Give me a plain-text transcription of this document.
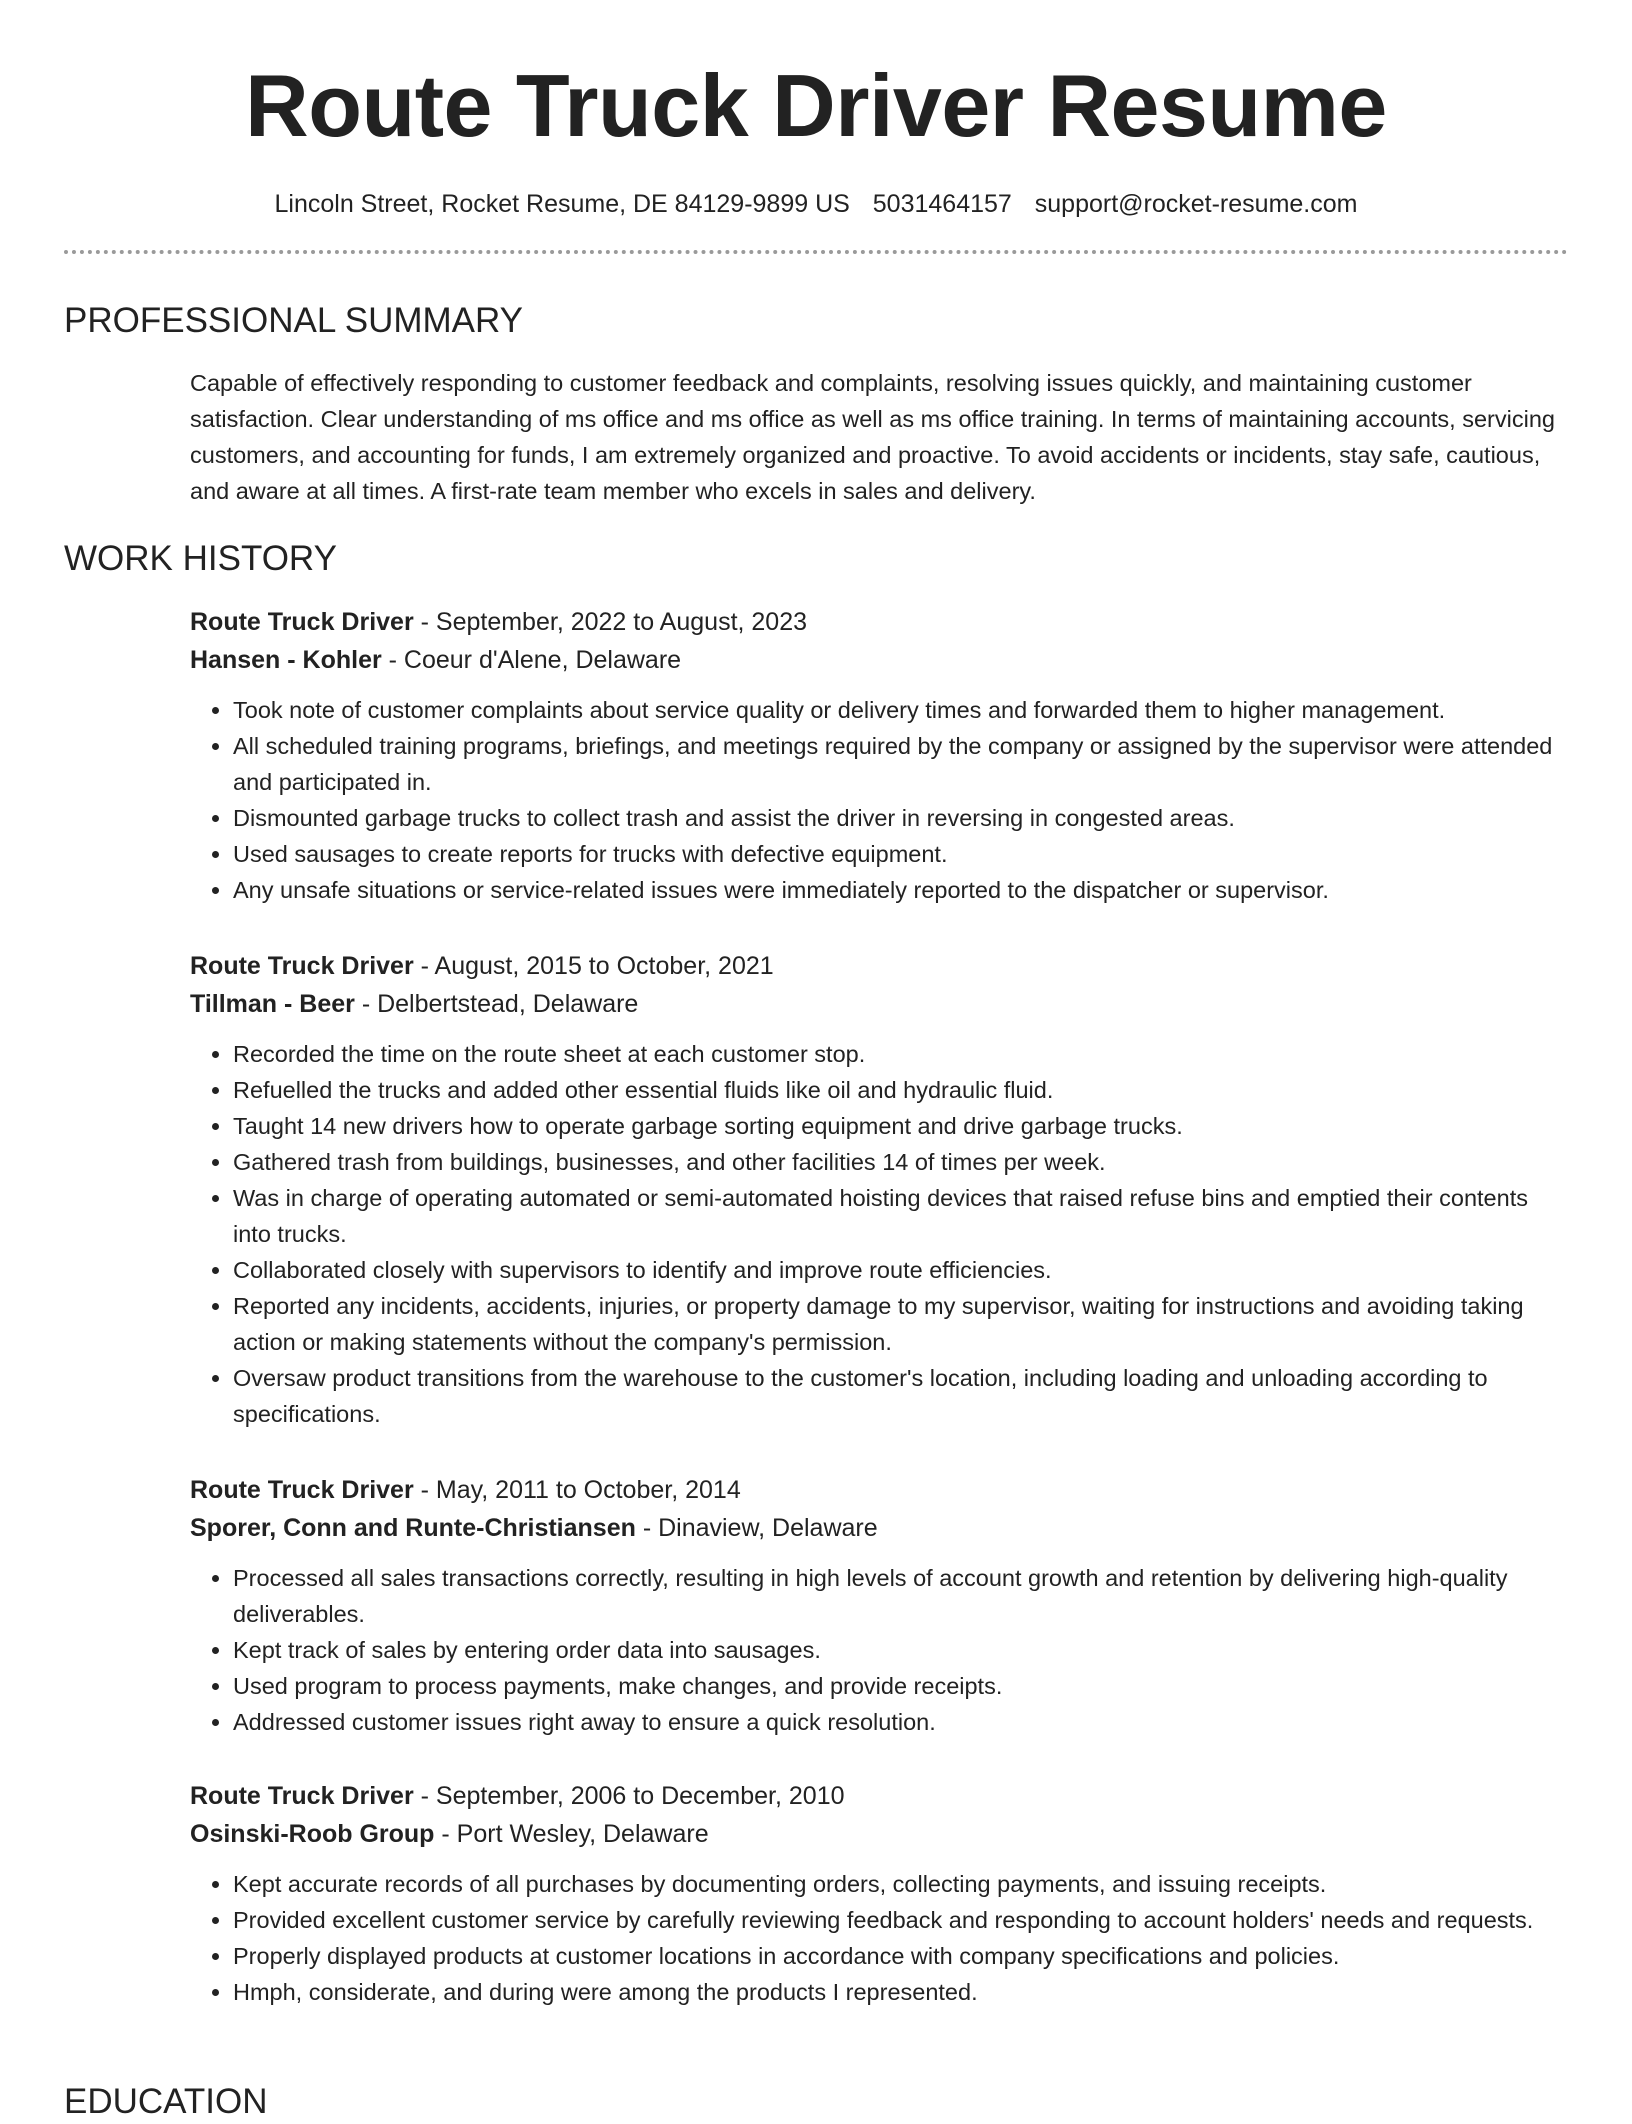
Route Truck Driver Resume
Lincoln Street, Rocket Resume, DE 84129-9899 US 5031464157 support@rocket-resume.com
PROFESSIONAL SUMMARY

Capable of effectively responding to customer feedback and complaints, resolving issues quickly, and maintaining customer satisfaction. Clear understanding of ms office and ms office as well as ms office training. In terms of maintaining accounts, servicing customers, and accounting for funds, I am extremely organized and proactive. To avoid accidents or incidents, stay safe, cautious, and aware at all times. A first-rate team member who excels in sales and delivery.

WORK HISTORY
Route Truck Driver - September, 2022 to August, 2023
Hansen - Kohler - Coeur d'Alene, Delaware
• Took note of customer complaints about service quality or delivery times and forwarded them to higher management.
• All scheduled training programs, briefings, and meetings required by the company or assigned by the supervisor were attended and participated in.
• Dismounted garbage trucks to collect trash and assist the driver in reversing in congested areas.
• Used sausages to create reports for trucks with defective equipment.
• Any unsafe situations or service-related issues were immediately reported to the dispatcher or supervisor.
Route Truck Driver - August, 2015 to October, 2021
Tillman - Beer - Delbertstead, Delaware
• Recorded the time on the route sheet at each customer stop.
• Refuelled the trucks and added other essential fluids like oil and hydraulic fluid.
• Taught 14 new drivers how to operate garbage sorting equipment and drive garbage trucks.
• Gathered trash from buildings, businesses, and other facilities 14 of times per week.
• Was in charge of operating automated or semi-automated hoisting devices that raised refuse bins and emptied their contents into trucks.
• Collaborated closely with supervisors to identify and improve route efficiencies.
• Reported any incidents, accidents, injuries, or property damage to my supervisor, waiting for instructions and avoiding taking action or making statements without the company's permission.
• Oversaw product transitions from the warehouse to the customer's location, including loading and unloading according to specifications.
Route Truck Driver - May, 2011 to October, 2014
Sporer, Conn and Runte-Christiansen - Dinaview, Delaware
• Processed all sales transactions correctly, resulting in high levels of account growth and retention by delivering high-quality deliverables.
• Kept track of sales by entering order data into sausages.
• Used program to process payments, make changes, and provide receipts.
• Addressed customer issues right away to ensure a quick resolution.
Route Truck Driver - September, 2006 to December, 2010
Osinski-Roob Group - Port Wesley, Delaware
• Kept accurate records of all purchases by documenting orders, collecting payments, and issuing receipts.
• Provided excellent customer service by carefully reviewing feedback and responding to account holders' needs and requests.
• Properly displayed products at customer locations in accordance with company specifications and policies.
• Hmph, considerate, and during were among the products I represented.
EDUCATION
